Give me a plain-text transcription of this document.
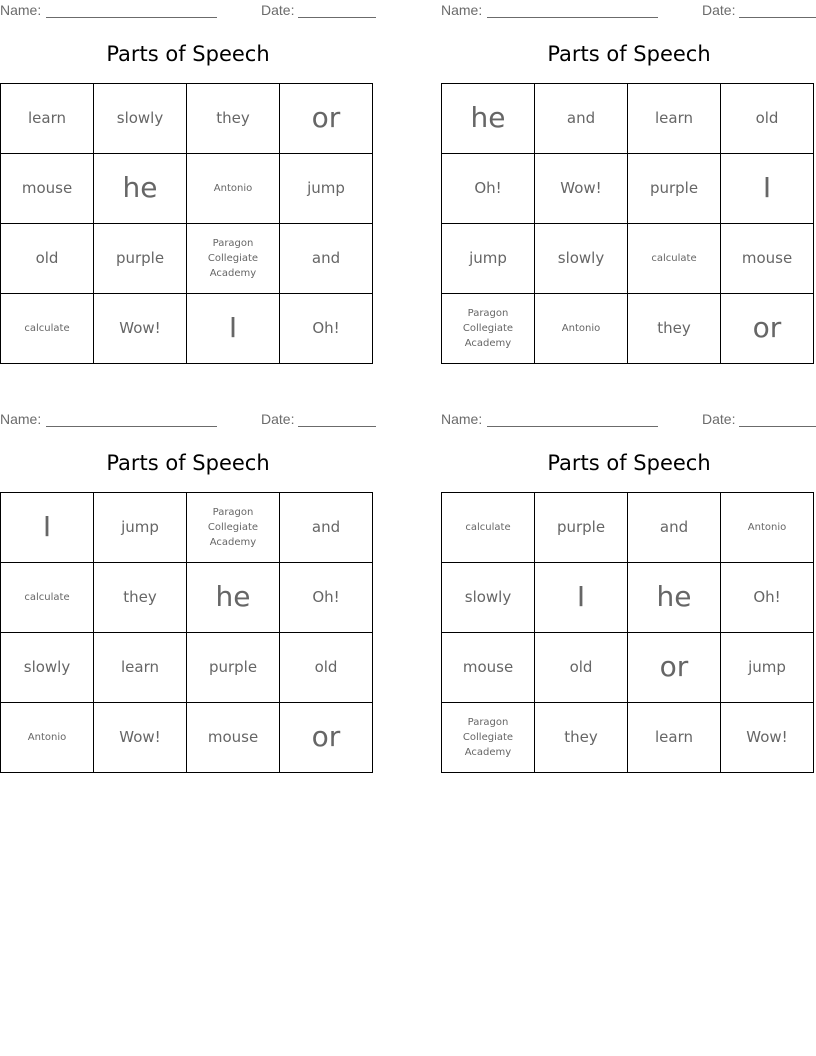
Name:	Date:
Parts of Speech
learn	slowly	they	or
mouse	he	Antonio	jump
old	purple	Paragon Collegiate Academy	and
calculate	Wow!	I	Oh!
Name:	Date:
Parts of Speech
he	and	learn	old
Oh!	Wow!	purple	I
jump	slowly	calculate	mouse
Paragon Collegiate Academy	Antonio	they	or
Name:	Date:
Parts of Speech
I	jump	Paragon Collegiate Academy	and
calculate	they	he	Oh!
slowly	learn	purple	old
Antonio	Wow!	mouse	or
Name:	Date:
Parts of Speech
calculate	purple	and	Antonio
slowly	I	he	Oh!
mouse	old	or	jump
Paragon Collegiate Academy	they	learn	Wow!
